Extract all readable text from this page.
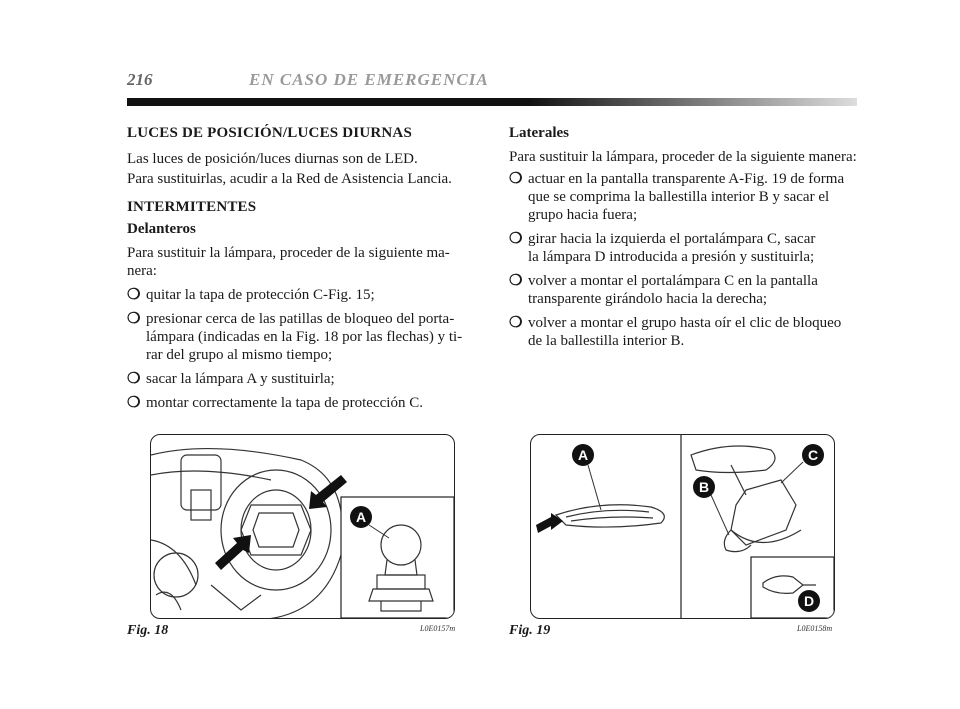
216	EN CASO DE EMERGENCIA
LUCES DE POSICIÓN/LUCES DIURNAS

Las luces de posición/luces diurnas son de LED.

Para sustituirlas, acudir a la Red de Asistencia Lancia.

INTERMITENTES
Delanteros

Para sustituir la lámpara, proceder de la siguiente ma-
nera:

❍ quitar la tapa de protección C-Fig. 15;
❍ presionar cerca de las patillas de bloqueo del porta-
lámpara (indicadas en la Fig. 18 por las flechas) y ti-
rar del grupo al mismo tiempo;
❍ sacar la lámpara A y sustituirla;
❍ montar correctamente la tapa de protección C.
Laterales

Para sustituir la lámpara, proceder de la siguiente manera:

❍ actuar en la pantalla transparente A-Fig. 19 de forma
que se comprima la ballestilla interior B y sacar el
grupo hacia fuera;
❍ girar hacia la izquierda el portalámpara C, sacar
la lámpara D introducida a presión y sustituirla;
❍ volver a montar el portalámpara C en la pantalla
transparente girándolo hacia la derecha;
❍ volver a montar el grupo hasta oír el clic de bloqueo
de la ballestilla interior B.
A
Fig. 18	L0E0157m
A
B
C
D
Fig. 19	L0E0158m
